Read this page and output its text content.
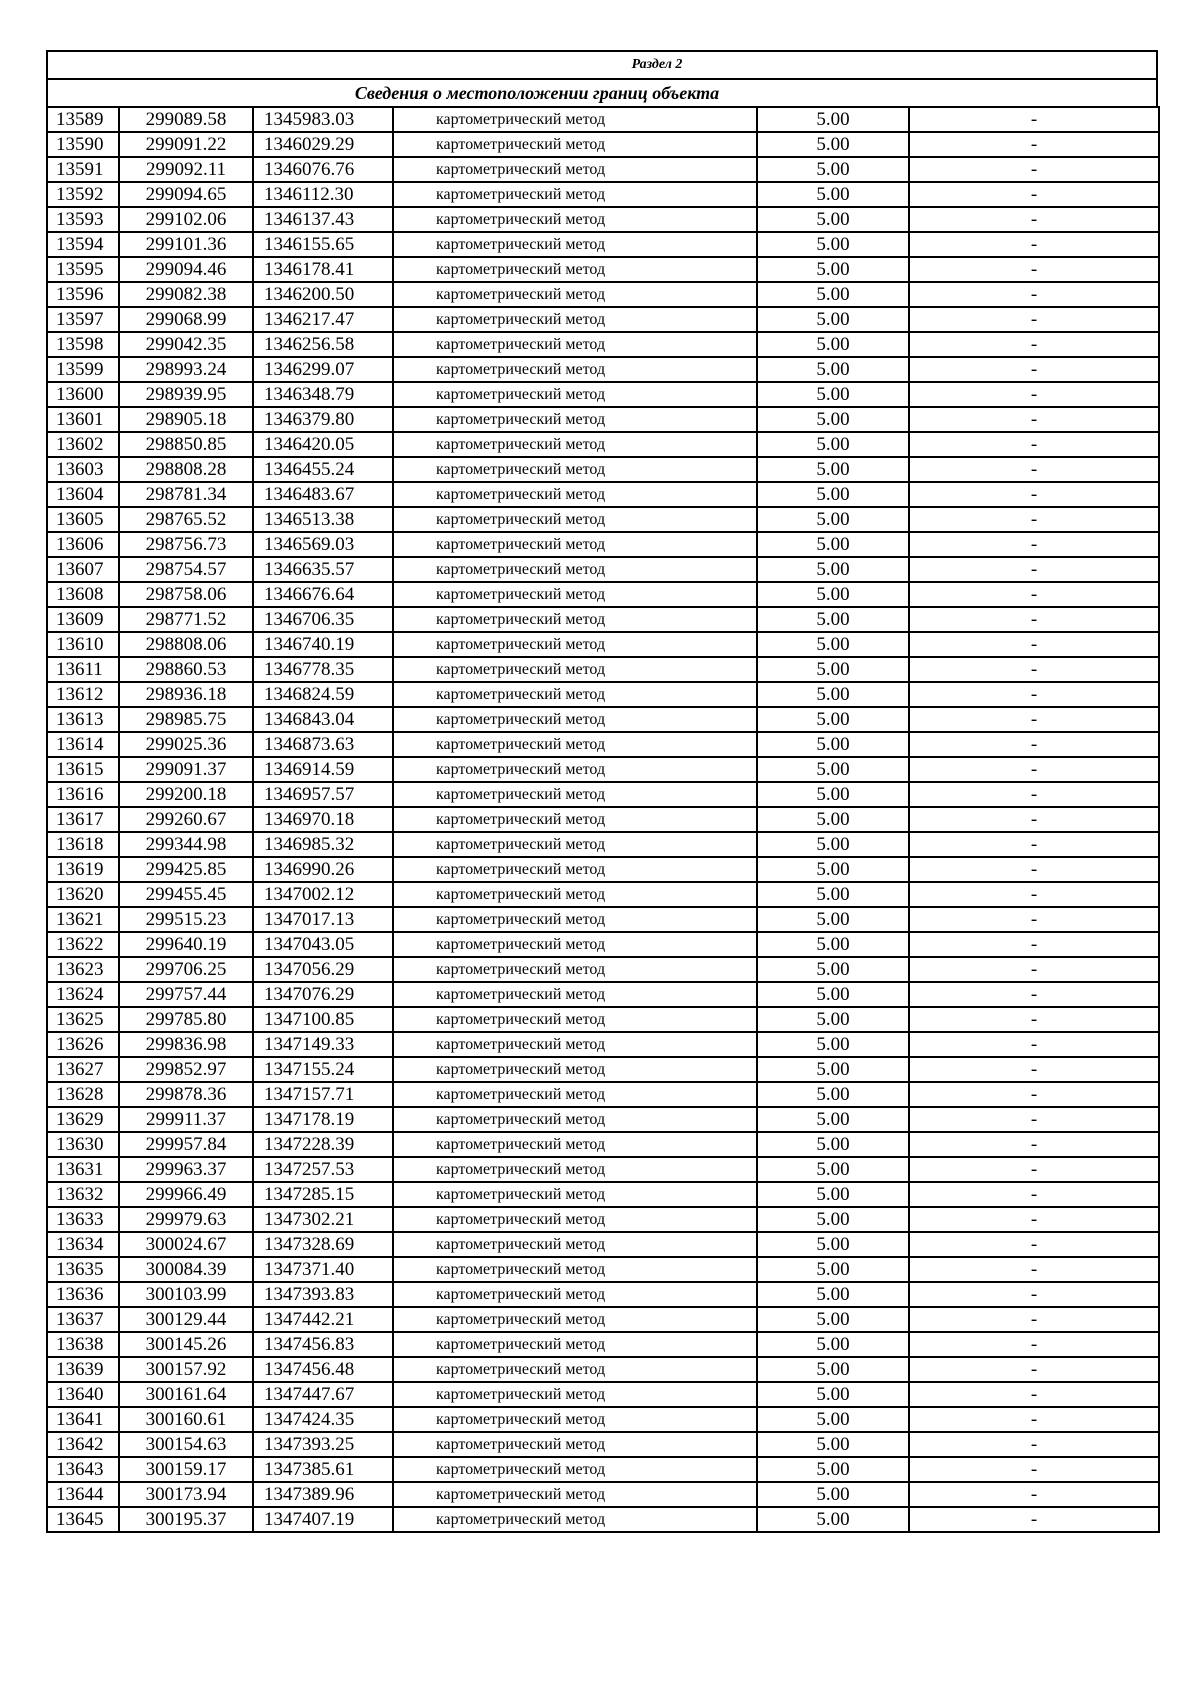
Раздел 2
Сведения о местоположении границ объекта
13589	299089.58	1345983.03	картометрический метод	5.00	-
13590	299091.22	1346029.29	картометрический метод	5.00	-
13591	299092.11	1346076.76	картометрический метод	5.00	-
13592	299094.65	1346112.30	картометрический метод	5.00	-
13593	299102.06	1346137.43	картометрический метод	5.00	-
13594	299101.36	1346155.65	картометрический метод	5.00	-
13595	299094.46	1346178.41	картометрический метод	5.00	-
13596	299082.38	1346200.50	картометрический метод	5.00	-
13597	299068.99	1346217.47	картометрический метод	5.00	-
13598	299042.35	1346256.58	картометрический метод	5.00	-
13599	298993.24	1346299.07	картометрический метод	5.00	-
13600	298939.95	1346348.79	картометрический метод	5.00	-
13601	298905.18	1346379.80	картометрический метод	5.00	-
13602	298850.85	1346420.05	картометрический метод	5.00	-
13603	298808.28	1346455.24	картометрический метод	5.00	-
13604	298781.34	1346483.67	картометрический метод	5.00	-
13605	298765.52	1346513.38	картометрический метод	5.00	-
13606	298756.73	1346569.03	картометрический метод	5.00	-
13607	298754.57	1346635.57	картометрический метод	5.00	-
13608	298758.06	1346676.64	картометрический метод	5.00	-
13609	298771.52	1346706.35	картометрический метод	5.00	-
13610	298808.06	1346740.19	картометрический метод	5.00	-
13611	298860.53	1346778.35	картометрический метод	5.00	-
13612	298936.18	1346824.59	картометрический метод	5.00	-
13613	298985.75	1346843.04	картометрический метод	5.00	-
13614	299025.36	1346873.63	картометрический метод	5.00	-
13615	299091.37	1346914.59	картометрический метод	5.00	-
13616	299200.18	1346957.57	картометрический метод	5.00	-
13617	299260.67	1346970.18	картометрический метод	5.00	-
13618	299344.98	1346985.32	картометрический метод	5.00	-
13619	299425.85	1346990.26	картометрический метод	5.00	-
13620	299455.45	1347002.12	картометрический метод	5.00	-
13621	299515.23	1347017.13	картометрический метод	5.00	-
13622	299640.19	1347043.05	картометрический метод	5.00	-
13623	299706.25	1347056.29	картометрический метод	5.00	-
13624	299757.44	1347076.29	картометрический метод	5.00	-
13625	299785.80	1347100.85	картометрический метод	5.00	-
13626	299836.98	1347149.33	картометрический метод	5.00	-
13627	299852.97	1347155.24	картометрический метод	5.00	-
13628	299878.36	1347157.71	картометрический метод	5.00	-
13629	299911.37	1347178.19	картометрический метод	5.00	-
13630	299957.84	1347228.39	картометрический метод	5.00	-
13631	299963.37	1347257.53	картометрический метод	5.00	-
13632	299966.49	1347285.15	картометрический метод	5.00	-
13633	299979.63	1347302.21	картометрический метод	5.00	-
13634	300024.67	1347328.69	картометрический метод	5.00	-
13635	300084.39	1347371.40	картометрический метод	5.00	-
13636	300103.99	1347393.83	картометрический метод	5.00	-
13637	300129.44	1347442.21	картометрический метод	5.00	-
13638	300145.26	1347456.83	картометрический метод	5.00	-
13639	300157.92	1347456.48	картометрический метод	5.00	-
13640	300161.64	1347447.67	картометрический метод	5.00	-
13641	300160.61	1347424.35	картометрический метод	5.00	-
13642	300154.63	1347393.25	картометрический метод	5.00	-
13643	300159.17	1347385.61	картометрический метод	5.00	-
13644	300173.94	1347389.96	картометрический метод	5.00	-
13645	300195.37	1347407.19	картометрический метод	5.00	-
